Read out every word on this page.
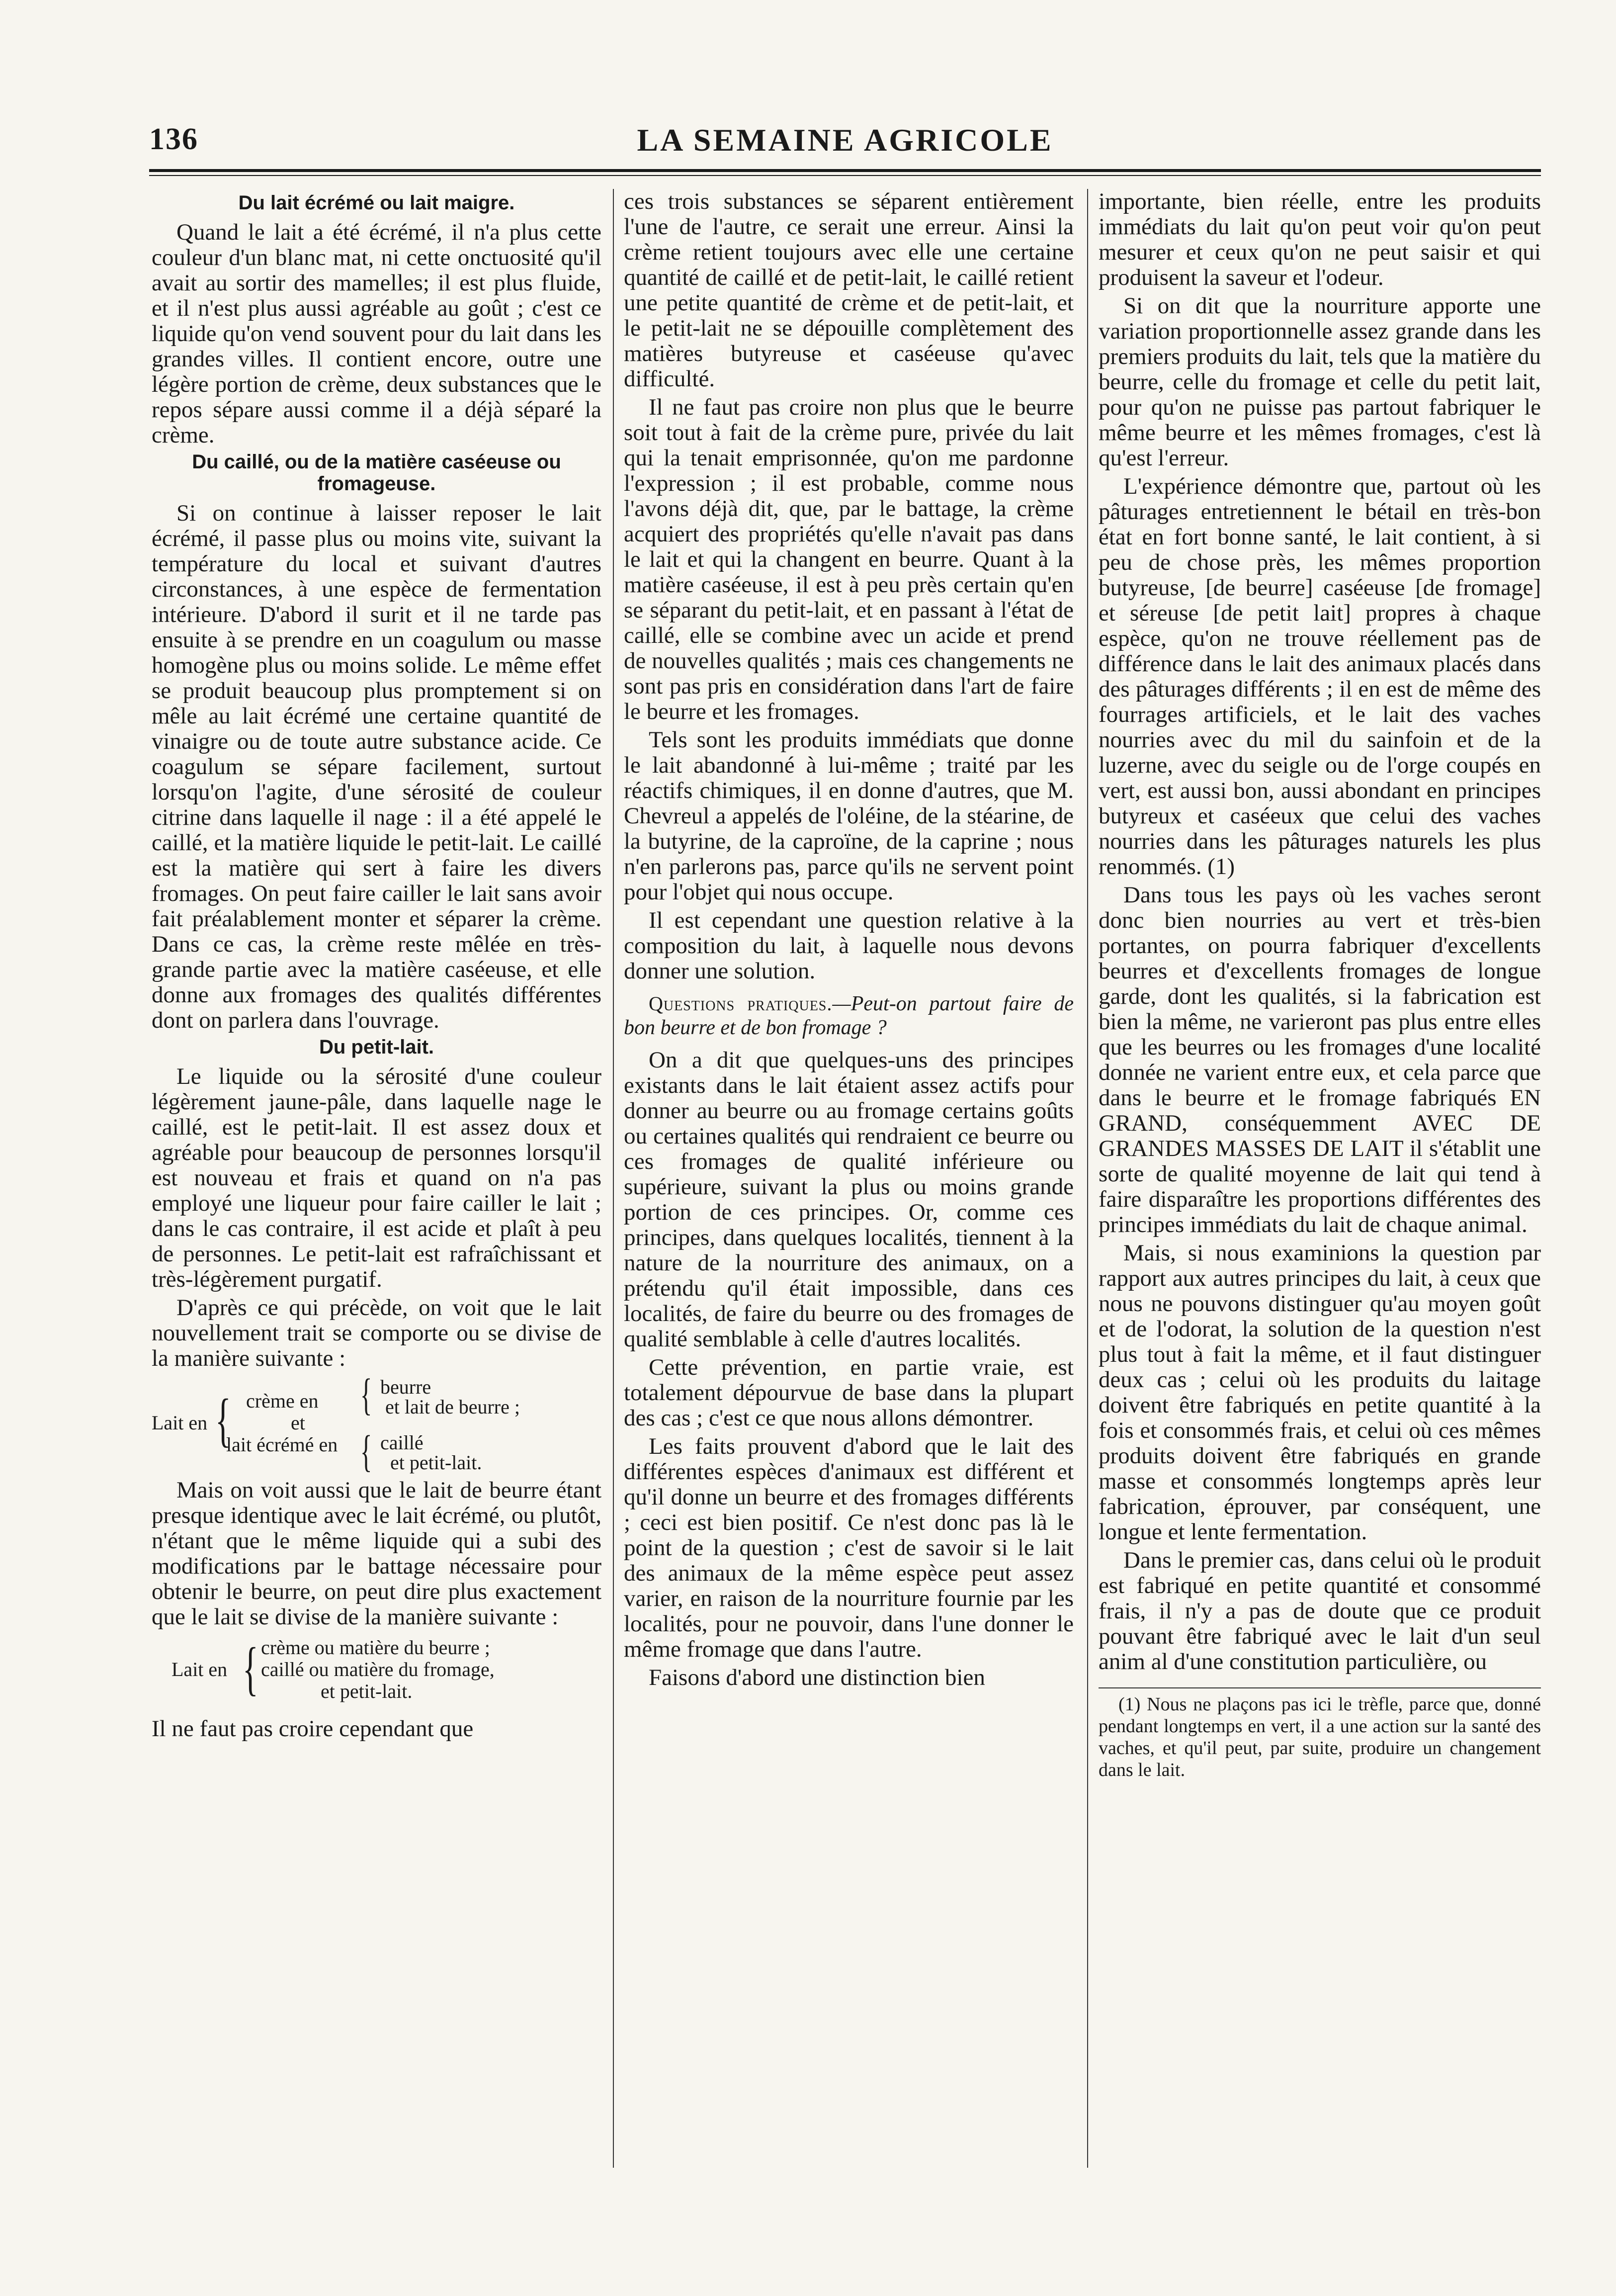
136	LA SEMAINE AGRICOLE
Du lait écrémé ou lait maigre.

Quand le lait a été écrémé, il n'a plus cette couleur d'un blanc mat, ni cette onctuosité qu'il avait au sortir des mamelles; il est plus fluide, et il n'est plus aussi agréable au goût ; c'est ce liquide qu'on vend souvent pour du lait dans les grandes villes. Il contient encore, outre une légère portion de crème, deux substances que le repos sépare aussi comme il a déjà séparé la crème.

Du caillé, ou de la matière caséeuse ou fromageuse.

Si on continue à laisser reposer le lait écrémé, il passe plus ou moins vite, suivant la température du local et suivant d'autres circonstances, à une espèce de fermentation intérieure. D'abord il surit et il ne tarde pas ensuite à se prendre en un coagulum ou masse homogène plus ou moins solide. Le même effet se produit beaucoup plus promptement si on mêle au lait écrémé une certaine quantité de vinaigre ou de toute autre substance acide. Ce coagulum se sépare facilement, surtout lorsqu'on l'agite, d'une sérosité de couleur citrine dans laquelle il nage : il a été appelé le caillé, et la matière liquide le petit-lait. Le caillé est la matière qui sert à faire les divers fromages. On peut faire cailler le lait sans avoir fait préalablement monter et séparer la crème. Dans ce cas, la crème reste mêlée en très-grande partie avec la matière caséeuse, et elle donne aux fromages des qualités différentes dont on parlera dans l'ouvrage.

Du petit-lait.

Le liquide ou la sérosité d'une couleur légèrement jaune-pâle, dans laquelle nage le caillé, est le petit-lait. Il est assez doux et agréable pour beaucoup de personnes lorsqu'il est nouveau et frais et quand on n'a pas employé une liqueur pour faire cailler le lait ; dans le cas contraire, il est acide et plaît à peu de personnes. Le petit-lait est rafraîchissant et très-légèrement purgatif.

D'après ce qui précède, on voit que le lait nouvellement trait se comporte ou se divise de la manière suivante :

Lait en { crème en
et
lait écrémé en
{ beurre
et lait de beurre ;
{ caillé
et petit-lait.

Mais on voit aussi que le lait de beurre étant presque identique avec le lait écrémé, ou plutôt, n'étant que le même liquide qui a subi des modifications par le battage nécessaire pour obtenir le beurre, on peut dire plus exactement que le lait se divise de la manière suivante :

Lait en { crème ou matière du beurre ;
caillé ou matière du fromage,
et petit-lait.

Il ne faut pas croire cependant que

ces trois substances se séparent entièrement l'une de l'autre, ce serait une erreur. Ainsi la crème retient toujours avec elle une certaine quantité de caillé et de petit-lait, le caillé retient une petite quantité de crème et de petit-lait, et le petit-lait ne se dépouille complètement des matières butyreuse et caséeuse qu'avec difficulté.

Il ne faut pas croire non plus que le beurre soit tout à fait de la crème pure, privée du lait qui la tenait emprisonnée, qu'on me pardonne l'expression ; il est probable, comme nous l'avons déjà dit, que, par le battage, la crème acquiert des propriétés qu'elle n'avait pas dans le lait et qui la changent en beurre. Quant à la matière caséeuse, il est à peu près certain qu'en se séparant du petit-lait, et en passant à l'état de caillé, elle se combine avec un acide et prend de nouvelles qualités ; mais ces changements ne sont pas pris en considération dans l'art de faire le beurre et les fromages.

Tels sont les produits immédiats que donne le lait abandonné à lui-même ; traité par les réactifs chimiques, il en donne d'autres, que M. Chevreul a appelés de l'oléine, de la stéarine, de la butyrine, de la caproïne, de la caprine ; nous n'en parlerons pas, parce qu'ils ne servent point pour l'objet qui nous occupe.

Il est cependant une question relative à la composition du lait, à laquelle nous devons donner une solution.

Questions pratiques.—Peut-on partout faire de bon beurre et de bon fromage ?

On a dit que quelques-uns des principes existants dans le lait étaient assez actifs pour donner au beurre ou au fromage certains goûts ou certaines qualités qui rendraient ce beurre ou ces fromages de qualité inférieure ou supérieure, suivant la plus ou moins grande portion de ces principes. Or, comme ces principes, dans quelques localités, tiennent à la nature de la nourriture des animaux, on a prétendu qu'il était impossible, dans ces localités, de faire du beurre ou des fromages de qualité semblable à celle d'autres localités.

Cette prévention, en partie vraie, est totalement dépourvue de base dans la plupart des cas ; c'est ce que nous allons démontrer.

Les faits prouvent d'abord que le lait des différentes espèces d'animaux est différent et qu'il donne un beurre et des fromages différents ; ceci est bien positif. Ce n'est donc pas là le point de la question ; c'est de savoir si le lait des animaux de la même espèce peut assez varier, en raison de la nourriture fournie par les localités, pour ne pouvoir, dans l'une donner le même fromage que dans l'autre.

Faisons d'abord une distinction bien

importante, bien réelle, entre les produits immédiats du lait qu'on peut voir qu'on peut mesurer et ceux qu'on ne peut saisir et qui produisent la saveur et l'odeur.

Si on dit que la nourriture apporte une variation proportionnelle assez grande dans les premiers produits du lait, tels que la matière du beurre, celle du fromage et celle du petit lait, pour qu'on ne puisse pas partout fabriquer le même beurre et les mêmes fromages, c'est là qu'est l'erreur.

L'expérience démontre que, partout où les pâturages entretiennent le bétail en très-bon état en fort bonne santé, le lait contient, à si peu de chose près, les mêmes proportion butyreuse, [de beurre] caséeuse [de fromage] et séreuse [de petit lait] propres à chaque espèce, qu'on ne trouve réellement pas de différence dans le lait des animaux placés dans des pâturages différents ; il en est de même des fourrages artificiels, et le lait des vaches nourries avec du mil du sainfoin et de la luzerne, avec du seigle ou de l'orge coupés en vert, est aussi bon, aussi abondant en principes butyreux et caséeux que celui des vaches nourries dans les pâturages naturels les plus renommés. (1)

Dans tous les pays où les vaches seront donc bien nourries au vert et très-bien portantes, on pourra fabriquer d'excellents beurres et d'excellents fromages de longue garde, dont les qualités, si la fabrication est bien la même, ne varieront pas plus entre elles que les beurres ou les fromages d'une localité donnée ne varient entre eux, et cela parce que dans le beurre et le fromage fabriqués EN GRAND, conséquemment AVEC DE GRANDES MASSES DE LAIT il s'établit une sorte de qualité moyenne de lait qui tend à faire disparaître les proportions différentes des principes immédiats du lait de chaque animal.

Mais, si nous examinions la question par rapport aux autres principes du lait, à ceux que nous ne pouvons distinguer qu'au moyen goût et de l'odorat, la solution de la question n'est plus tout à fait la même, et il faut distinguer deux cas ; celui où les produits du laitage doivent être fabriqués en petite quantité à la fois et consommés frais, et celui où ces mêmes produits doivent être fabriqués en grande masse et consommés longtemps après leur fabrication, éprouver, par conséquent, une longue et lente fermentation.

Dans le premier cas, dans celui où le produit est fabriqué en petite quantité et consommé frais, il n'y a pas de doute que ce produit pouvant être fabriqué avec le lait d'un seul anim al d'une constitution particulière, ou

(1) Nous ne plaçons pas ici le trèfle, parce que, donné pendant longtemps en vert, il a une action sur la santé des vaches, et qu'il peut, par suite, produire un changement dans le lait.
